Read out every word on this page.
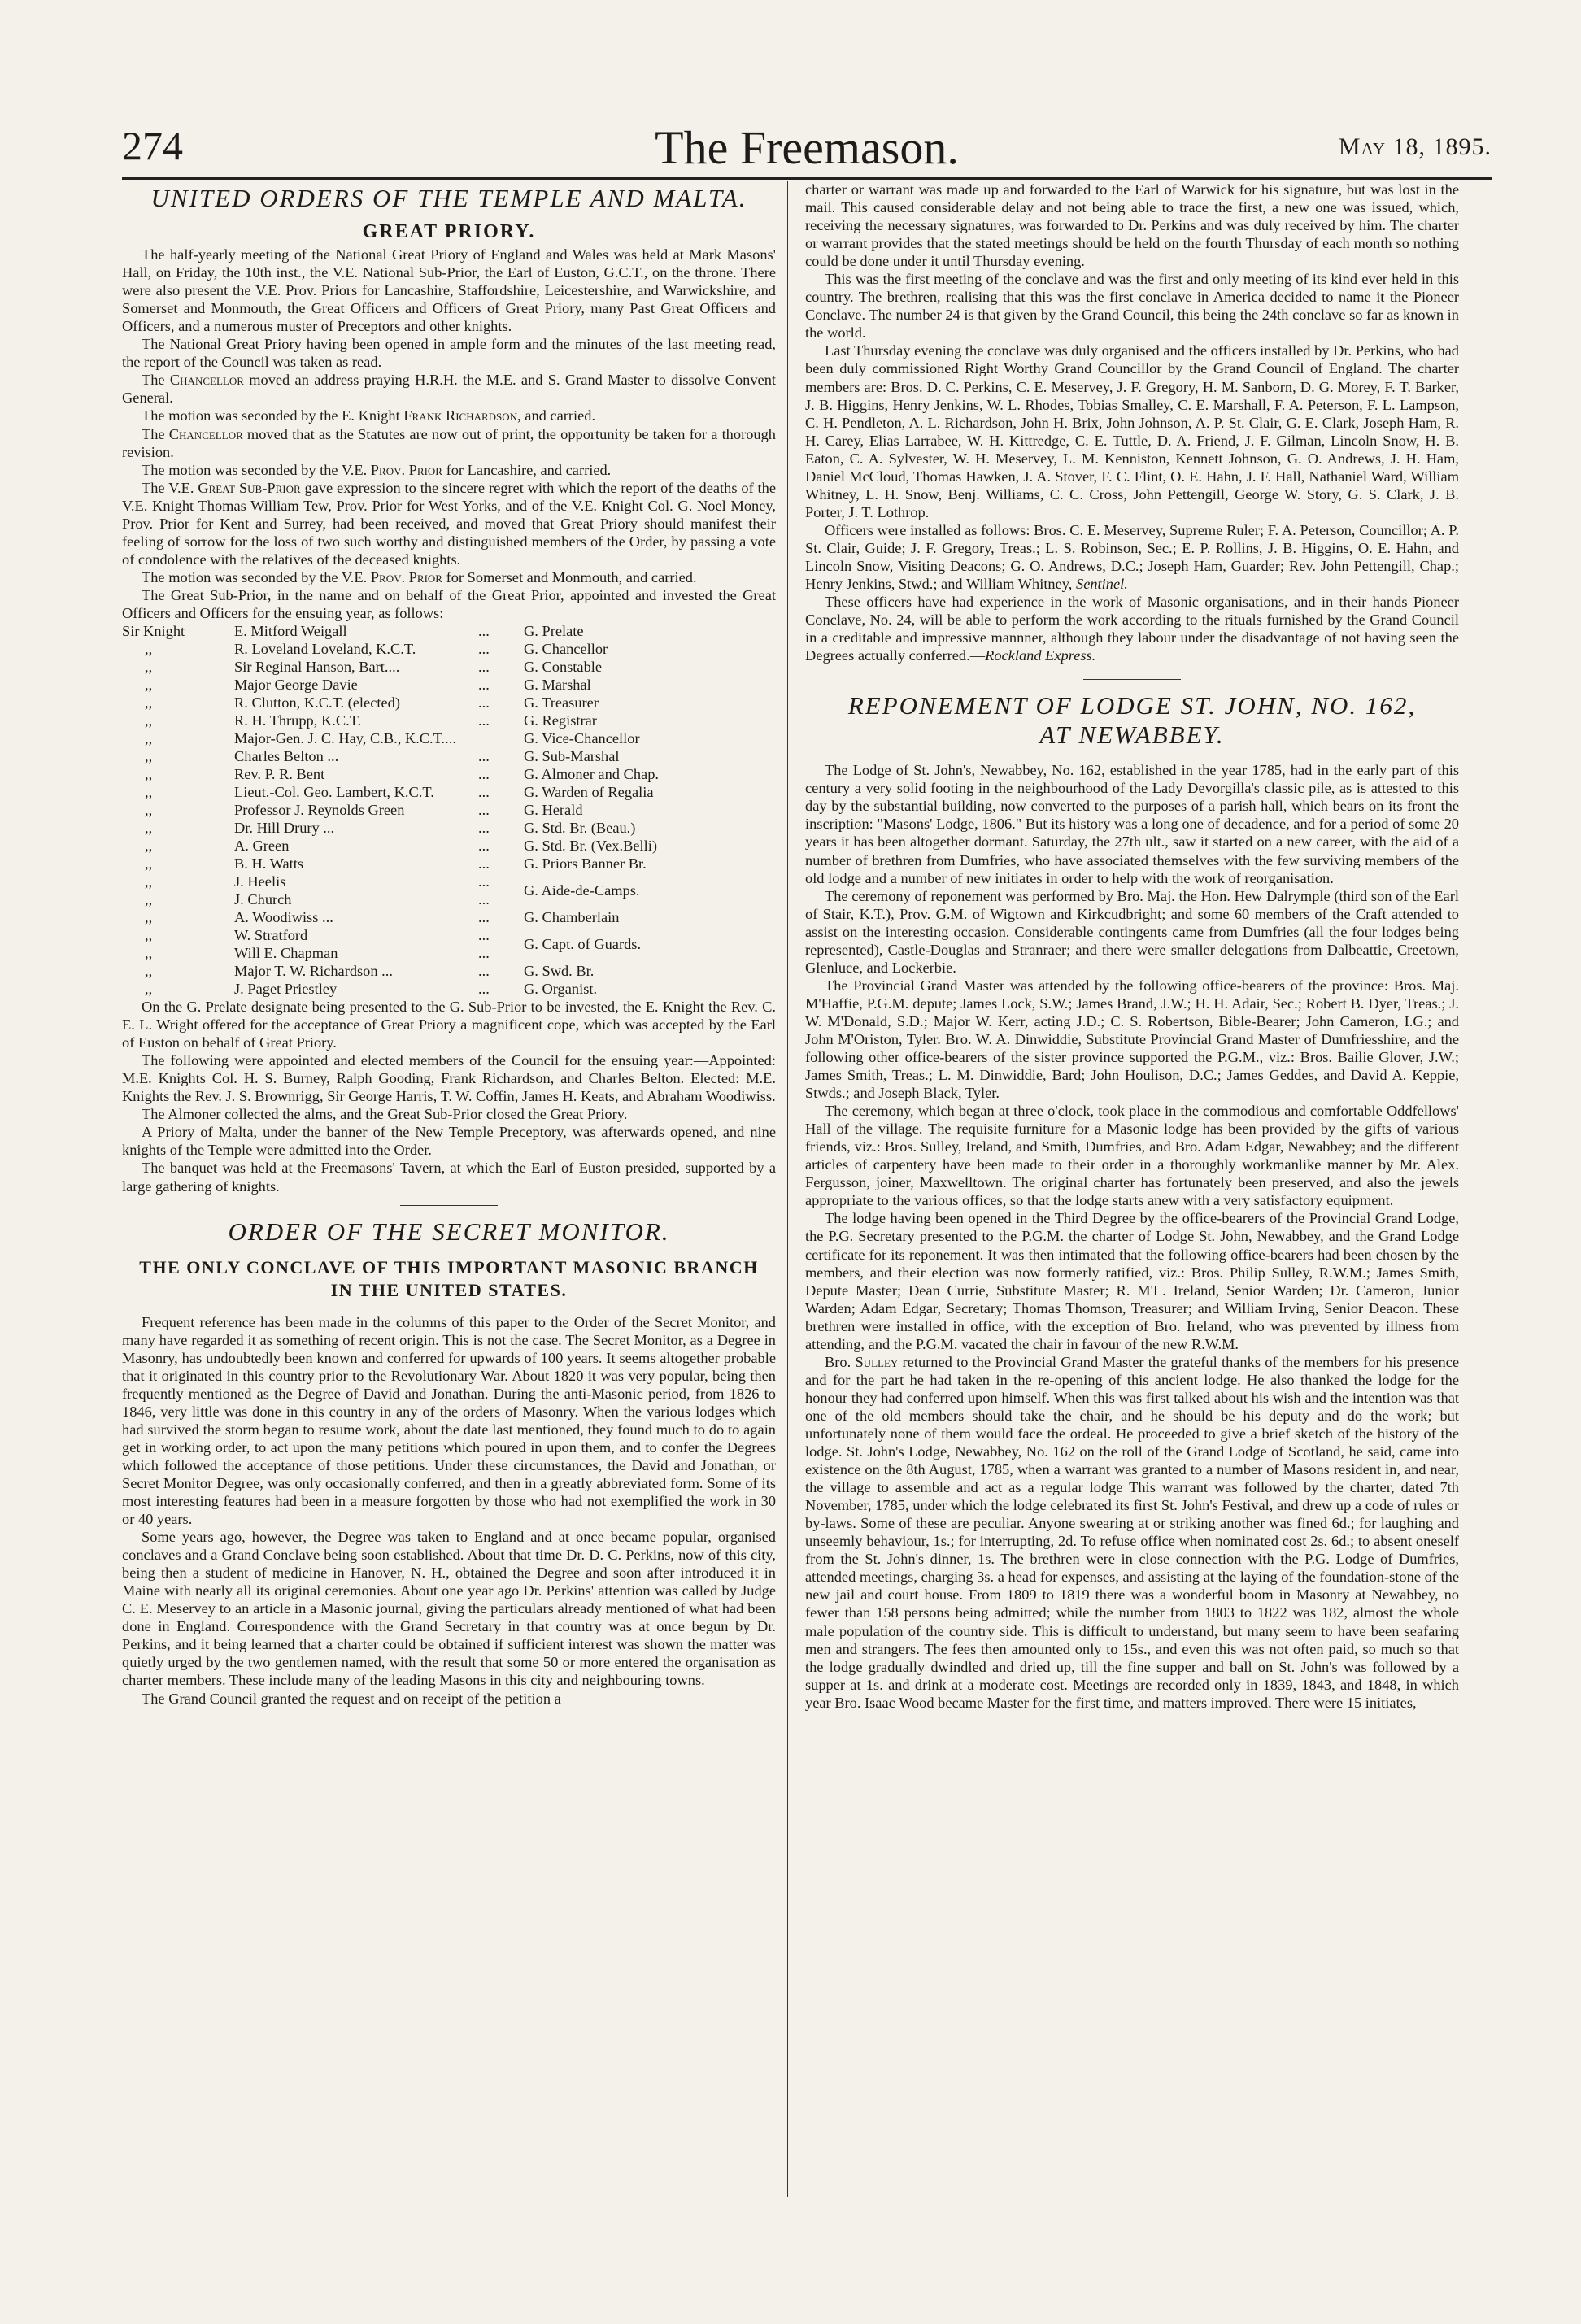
274	The Freemason.	May 18, 1895.
UNITED ORDERS OF THE TEMPLE AND MALTA.
GREAT PRIORY.

The half-yearly meeting of the National Great Priory of England and Wales was held at Mark Masons' Hall, on Friday, the 10th inst., the V.E. National Sub-Prior, the Earl of Euston, G.C.T., on the throne. There were also present the V.E. Prov. Priors for Lancashire, Staffordshire, Leicestershire, and Warwickshire, and Somerset and Monmouth, the Great Officers and Officers of Great Priory, many Past Great Officers and Officers, and a numerous muster of Preceptors and other knights.

The National Great Priory having been opened in ample form and the minutes of the last meeting read, the report of the Council was taken as read.

The Chancellor moved an address praying H.R.H. the M.E. and S. Grand Master to dissolve Convent General.

The motion was seconded by the E. Knight Frank Richardson, and carried.

The Chancellor moved that as the Statutes are now out of print, the opportunity be taken for a thorough revision.

The motion was seconded by the V.E. Prov. Prior for Lancashire, and carried.

The V.E. Great Sub-Prior gave expression to the sincere regret with which the report of the deaths of the V.E. Knight Thomas William Tew, Prov. Prior for West Yorks, and of the V.E. Knight Col. G. Noel Money, Prov. Prior for Kent and Surrey, had been received, and moved that Great Priory should manifest their feeling of sorrow for the loss of two such worthy and distinguished members of the Order, by passing a vote of condolence with the relatives of the deceased knights.

The motion was seconded by the V.E. Prov. Prior for Somerset and Monmouth, and carried.

The Great Sub-Prior, in the name and on behalf of the Great Prior, appointed and invested the Great Officers and Officers for the ensuing year, as follows:

Sir Knight	E. Mitford Weigall	...	G. Prelate
,,	R. Loveland Loveland, K.C.T.	...	G. Chancellor
,,	Sir Reginal Hanson, Bart....	...	G. Constable
,,	Major George Davie	...	G. Marshal
,,	R. Clutton, K.C.T. (elected)	...	G. Treasurer
,,	R. H. Thrupp, K.C.T.	...	G. Registrar
,,	Major-Gen. J. C. Hay, C.B., K.C.T....		G. Vice-Chancellor
,,	Charles Belton ...	...	G. Sub-Marshal
,,	Rev. P. R. Bent	...	G. Almoner and Chap.
,,	Lieut.-Col. Geo. Lambert, K.C.T.	...	G. Warden of Regalia
,,	Professor J. Reynolds Green	...	G. Herald
,,	Dr. Hill Drury ...	...	G. Std. Br. (Beau.)
,,	A. Green	...	G. Std. Br. (Vex.Belli)
,,	B. H. Watts	...	G. Priors Banner Br.
,,	J. Heelis	...	
,,	J. Church	...	G. Aide-de-Camps.
,,	A. Woodiwiss ...	...	G. Chamberlain
,,	W. Stratford	...	
,,	Will E. Chapman	...	G. Capt. of Guards.
,,	Major T. W. Richardson ...	...	G. Swd. Br.
,,	J. Paget Priestley	...	G. Organist.

On the G. Prelate designate being presented to the G. Sub-Prior to be invested, the E. Knight the Rev. C. E. L. Wright offered for the acceptance of Great Priory a magnificent cope, which was accepted by the Earl of Euston on behalf of Great Priory.

The following were appointed and elected members of the Council for the ensuing year:—Appointed: M.E. Knights Col. H. S. Burney, Ralph Gooding, Frank Richardson, and Charles Belton. Elected: M.E. Knights the Rev. J. S. Brownrigg, Sir George Harris, T. W. Coffin, James H. Keats, and Abraham Woodiwiss.

The Almoner collected the alms, and the Great Sub-Prior closed the Great Priory.

A Priory of Malta, under the banner of the New Temple Preceptory, was afterwards opened, and nine knights of the Temple were admitted into the Order.

The banquet was held at the Freemasons' Tavern, at which the Earl of Euston presided, supported by a large gathering of knights.

ORDER OF THE SECRET MONITOR.
THE ONLY CONCLAVE OF THIS IMPORTANT MASONIC BRANCH IN THE UNITED STATES.

Frequent reference has been made in the columns of this paper to the Order of the Secret Monitor, and many have regarded it as something of recent origin. This is not the case. The Secret Monitor, as a Degree in Masonry, has undoubtedly been known and conferred for upwards of 100 years. It seems altogether probable that it originated in this country prior to the Revolutionary War. About 1820 it was very popular, being then frequently mentioned as the Degree of David and Jonathan. During the anti-Masonic period, from 1826 to 1846, very little was done in this country in any of the orders of Masonry. When the various lodges which had survived the storm began to resume work, about the date last mentioned, they found much to do to again get in working order, to act upon the many petitions which poured in upon them, and to confer the Degrees which followed the acceptance of those petitions. Under these circumstances, the David and Jonathan, or Secret Monitor Degree, was only occasionally conferred, and then in a greatly abbreviated form. Some of its most interesting features had been in a measure forgotten by those who had not exemplified the work in 30 or 40 years.

Some years ago, however, the Degree was taken to England and at once became popular, organised conclaves and a Grand Conclave being soon established. About that time Dr. D. C. Perkins, now of this city, being then a student of medicine in Hanover, N. H., obtained the Degree and soon after introduced it in Maine with nearly all its original ceremonies. About one year ago Dr. Perkins' attention was called by Judge C. E. Meservey to an article in a Masonic journal, giving the particulars already mentioned of what had been done in England. Correspondence with the Grand Secretary in that country was at once begun by Dr. Perkins, and it being learned that a charter could be obtained if sufficient interest was shown the matter was quietly urged by the two gentlemen named, with the result that some 50 or more entered the organisation as charter members. These include many of the leading Masons in this city and neighbouring towns.

The Grand Council granted the request and on receipt of the petition a

charter or warrant was made up and forwarded to the Earl of Warwick for his signature, but was lost in the mail. This caused considerable delay and not being able to trace the first, a new one was issued, which, receiving the necessary signatures, was forwarded to Dr. Perkins and was duly received by him. The charter or warrant provides that the stated meetings should be held on the fourth Thursday of each month so nothing could be done under it until Thursday evening.

This was the first meeting of the conclave and was the first and only meeting of its kind ever held in this country. The brethren, realising that this was the first conclave in America decided to name it the Pioneer Conclave. The number 24 is that given by the Grand Council, this being the 24th conclave so far as known in the world.

Last Thursday evening the conclave was duly organised and the officers installed by Dr. Perkins, who had been duly commissioned Right Worthy Grand Councillor by the Grand Council of England. The charter members are: Bros. D. C. Perkins, C. E. Meservey, J. F. Gregory, H. M. Sanborn, D. G. Morey, F. T. Barker, J. B. Higgins, Henry Jenkins, W. L. Rhodes, Tobias Smalley, C. E. Marshall, F. A. Peterson, F. L. Lampson, C. H. Pendleton, A. L. Richardson, John H. Brix, John Johnson, A. P. St. Clair, G. E. Clark, Joseph Ham, R. H. Carey, Elias Larrabee, W. H. Kittredge, C. E. Tuttle, D. A. Friend, J. F. Gilman, Lincoln Snow, H. B. Eaton, C. A. Sylvester, W. H. Meservey, L. M. Kenniston, Kennett Johnson, G. O. Andrews, J. H. Ham, Daniel McCloud, Thomas Hawken, J. A. Stover, F. C. Flint, O. E. Hahn, J. F. Hall, Nathaniel Ward, William Whitney, L. H. Snow, Benj. Williams, C. C. Cross, John Pettengill, George W. Story, G. S. Clark, J. B. Porter, J. T. Lothrop.

Officers were installed as follows: Bros. C. E. Meservey, Supreme Ruler; F. A. Peterson, Councillor; A. P. St. Clair, Guide; J. F. Gregory, Treas.; L. S. Robinson, Sec.; E. P. Rollins, J. B. Higgins, O. E. Hahn, and Lincoln Snow, Visiting Deacons; G. O. Andrews, D.C.; Joseph Ham, Guarder; Rev. John Pettengill, Chap.; Henry Jenkins, Stwd.; and William Whitney, Sentinel.

These officers have had experience in the work of Masonic organisations, and in their hands Pioneer Conclave, No. 24, will be able to perform the work according to the rituals furnished by the Grand Council in a creditable and impressive mannner, although they labour under the disadvantage of not having seen the Degrees actually conferred.—Rockland Express.

REPONEMENT OF LODGE ST. JOHN, NO. 162,
AT NEWABBEY.

The Lodge of St. John's, Newabbey, No. 162, established in the year 1785, had in the early part of this century a very solid footing in the neighbourhood of the Lady Devorgilla's classic pile, as is attested to this day by the substantial building, now converted to the purposes of a parish hall, which bears on its front the inscription: "Masons' Lodge, 1806." But its history was a long one of decadence, and for a period of some 20 years it has been altogether dormant. Saturday, the 27th ult., saw it started on a new career, with the aid of a number of brethren from Dumfries, who have associated themselves with the few surviving members of the old lodge and a number of new initiates in order to help with the work of reorganisation.

The ceremony of reponement was performed by Bro. Maj. the Hon. Hew Dalrymple (third son of the Earl of Stair, K.T.), Prov. G.M. of Wigtown and Kirkcudbright; and some 60 members of the Craft attended to assist on the interesting occasion. Considerable contingents came from Dumfries (all the four lodges being represented), Castle-Douglas and Stranraer; and there were smaller delegations from Dalbeattie, Creetown, Glenluce, and Lockerbie.

The Provincial Grand Master was attended by the following office-bearers of the province: Bros. Maj. M'Haffie, P.G.M. depute; James Lock, S.W.; James Brand, J.W.; H. H. Adair, Sec.; Robert B. Dyer, Treas.; J. W. M'Donald, S.D.; Major W. Kerr, acting J.D.; C. S. Robertson, Bible-Bearer; John Cameron, I.G.; and John M'Oriston, Tyler. Bro. W. A. Dinwiddie, Substitute Provincial Grand Master of Dumfriesshire, and the following other office-bearers of the sister province supported the P.G.M., viz.: Bros. Bailie Glover, J.W.; James Smith, Treas.; L. M. Dinwiddie, Bard; John Houlison, D.C.; James Geddes, and David A. Keppie, Stwds.; and Joseph Black, Tyler.

The ceremony, which began at three o'clock, took place in the commodious and comfortable Oddfellows' Hall of the village. The requisite furniture for a Masonic lodge has been provided by the gifts of various friends, viz.: Bros. Sulley, Ireland, and Smith, Dumfries, and Bro. Adam Edgar, Newabbey; and the different articles of carpentery have been made to their order in a thoroughly workmanlike manner by Mr. Alex. Fergusson, joiner, Maxwelltown. The original charter has fortunately been preserved, and also the jewels appropriate to the various offices, so that the lodge starts anew with a very satisfactory equipment.

The lodge having been opened in the Third Degree by the office-bearers of the Provincial Grand Lodge, the P.G. Secretary presented to the P.G.M. the charter of Lodge St. John, Newabbey, and the Grand Lodge certificate for its reponement. It was then intimated that the following office-bearers had been chosen by the members, and their election was now formerly ratified, viz.: Bros. Philip Sulley, R.W.M.; James Smith, Depute Master; Dean Currie, Substitute Master; R. M'L. Ireland, Senior Warden; Dr. Cameron, Junior Warden; Adam Edgar, Secretary; Thomas Thomson, Treasurer; and William Irving, Senior Deacon. These brethren were installed in office, with the exception of Bro. Ireland, who was prevented by illness from attending, and the P.G.M. vacated the chair in favour of the new R.W.M.

Bro. Sulley returned to the Provincial Grand Master the grateful thanks of the members for his presence and for the part he had taken in the re-opening of this ancient lodge. He also thanked the lodge for the honour they had conferred upon himself. When this was first talked about his wish and the intention was that one of the old members should take the chair, and he should be his deputy and do the work; but unfortunately none of them would face the ordeal. He proceeded to give a brief sketch of the history of the lodge. St. John's Lodge, Newabbey, No. 162 on the roll of the Grand Lodge of Scotland, he said, came into existence on the 8th August, 1785, when a warrant was granted to a number of Masons resident in, and near, the village to assemble and act as a regular lodge This warrant was followed by the charter, dated 7th November, 1785, under which the lodge celebrated its first St. John's Festival, and drew up a code of rules or by-laws. Some of these are peculiar. Anyone swearing at or striking another was fined 6d.; for laughing and unseemly behaviour, 1s.; for interrupting, 2d. To refuse office when nominated cost 2s. 6d.; to absent oneself from the St. John's dinner, 1s. The brethren were in close connection with the P.G. Lodge of Dumfries, attended meetings, charging 3s. a head for expenses, and assisting at the laying of the foundation-stone of the new jail and court house. From 1809 to 1819 there was a wonderful boom in Masonry at Newabbey, no fewer than 158 persons being admitted; while the number from 1803 to 1822 was 182, almost the whole male population of the country side. This is difficult to understand, but many seem to have been seafaring men and strangers. The fees then amounted only to 15s., and even this was not often paid, so much so that the lodge gradually dwindled and dried up, till the fine supper and ball on St. John's was followed by a supper at 1s. and drink at a moderate cost. Meetings are recorded only in 1839, 1843, and 1848, in which year Bro. Isaac Wood became Master for the first time, and matters improved. There were 15 initiates,
